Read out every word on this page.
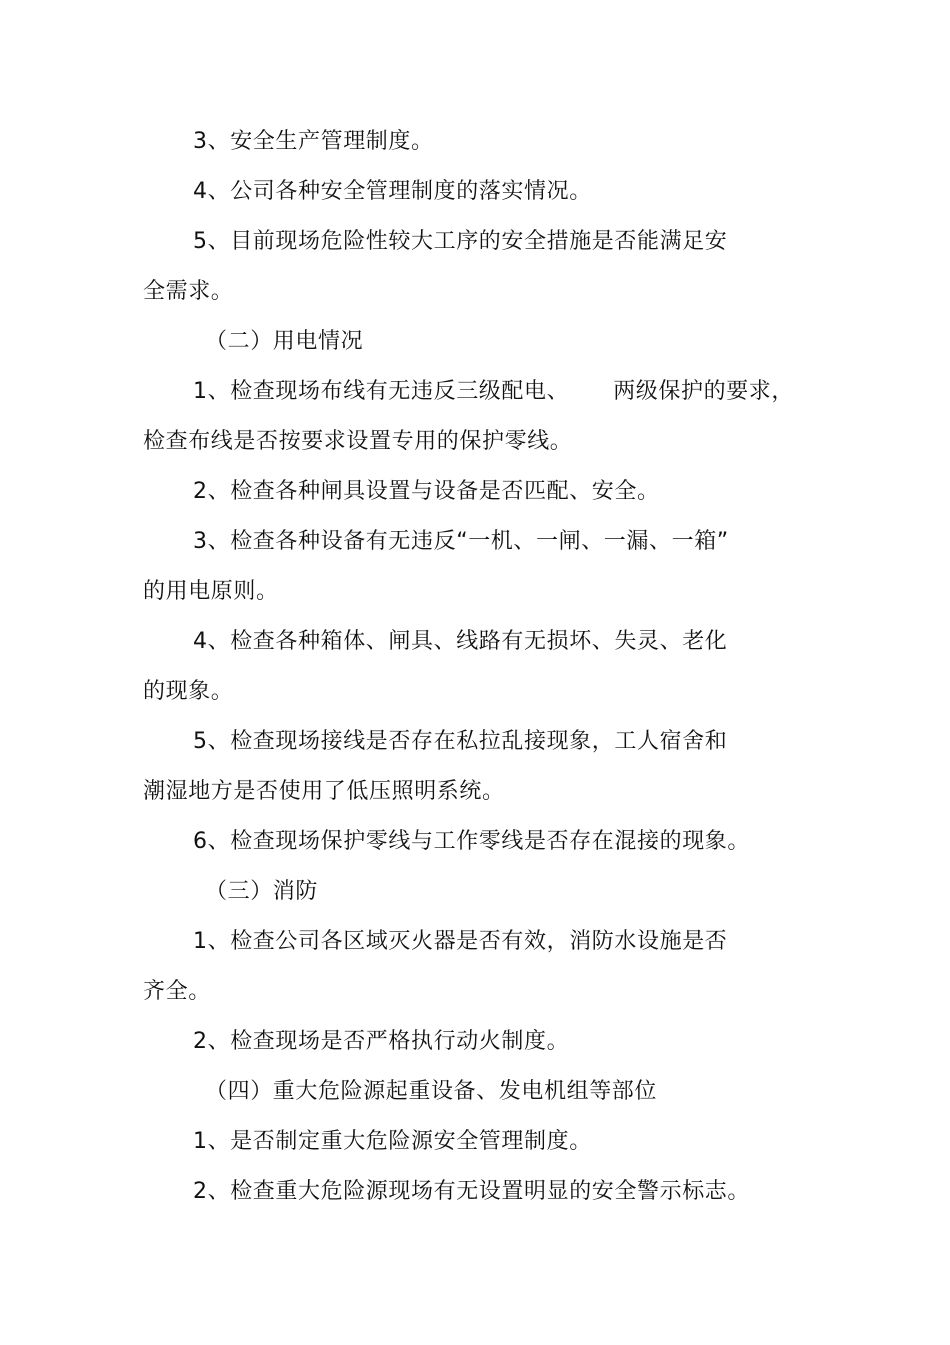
3、安全生产管理制度。

4、公司各种安全管理制度的落实情况。

5、目前现场危险性较大工序的安全措施是否能满足安

全需求。

（二）用电情况

1、检查现场布线有无违反三级配电、 两级保护的要求，

检查布线是否按要求设置专用的保护零线。

2、检查各种闸具设置与设备是否匹配、安全。

3、检查各种设备有无违反“一机、一闸、一漏、一箱”

的用电原则。

4、检查各种箱体、闸具、线路有无损坏、失灵、老化

的现象。

5、检查现场接线是否存在私拉乱接现象，工人宿舍和

潮湿地方是否使用了低压照明系统。

6、检查现场保护零线与工作零线是否存在混接的现象。

（三）消防

1、检查公司各区域灭火器是否有效，消防水设施是否

齐全。

2、检查现场是否严格执行动火制度。

（四）重大危险源起重设备、发电机组等部位

1、是否制定重大危险源安全管理制度。

2、检查重大危险源现场有无设置明显的安全警示标志。
